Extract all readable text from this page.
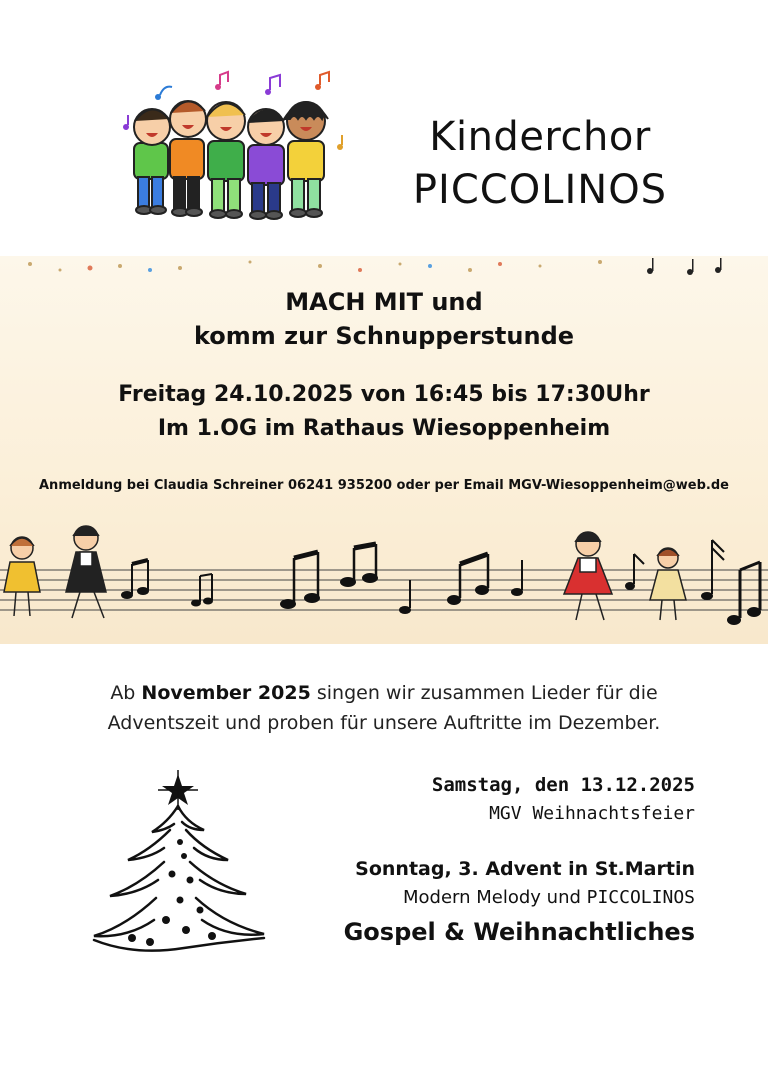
Kinderchor
PICCOLINOS
MACH MIT und
komm zur Schnupperstunde
Freitag 24.10.2025 von 16:45 bis 17:30Uhr
Im 1.OG im Rathaus Wiesoppenheim
Anmeldung bei Claudia Schreiner 06241 935200 oder per Email MGV-Wiesoppenheim@web.de
Ab November 2025 singen wir zusammen Lieder für die
Adventszeit und proben für unsere Auftritte im Dezember.
Samstag, den 13.12.2025
MGV Weihnachtsfeier
Sonntag, 3. Advent in St.Martin
Modern Melody und PICCOLINOS
Gospel & Weihnachtliches
